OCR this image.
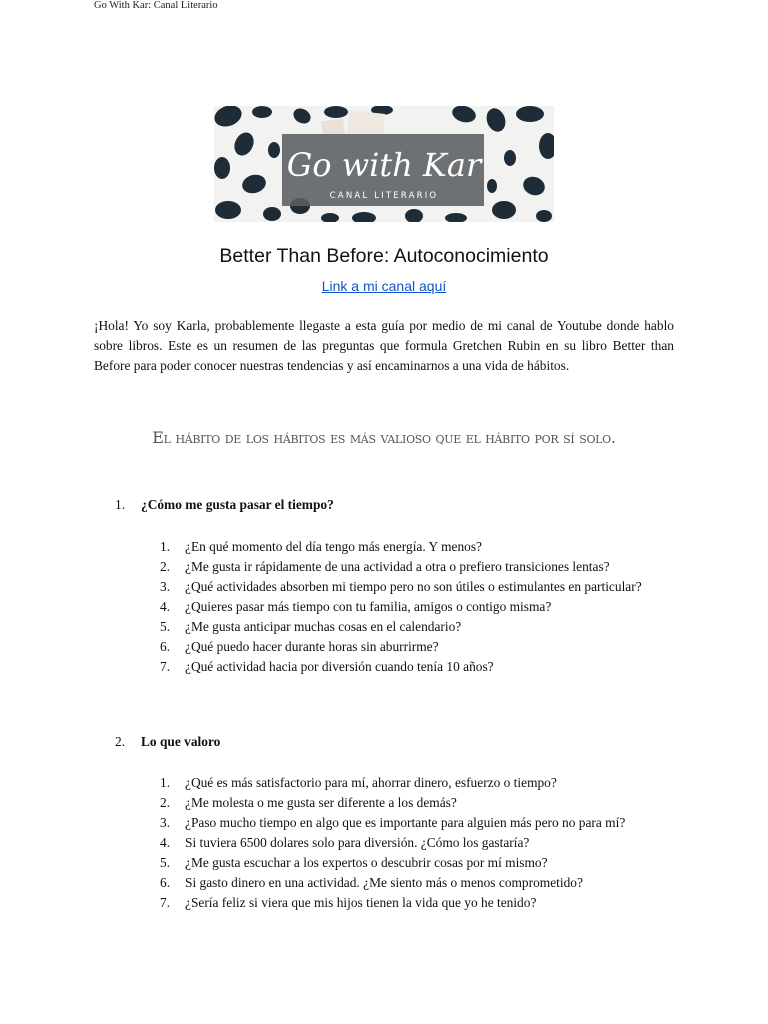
Go With Kar: Canal Literario
Go with Kar
CANAL LITERARIO
Better Than Before: Autoconocimiento
Link a mi canal aquí
¡Hola! Yo soy Karla, probablemente llegaste a esta guía por medio de mi canal de Youtube donde hablo sobre libros. Este es un resumen de las preguntas que formula Gretchen Rubin en su libro Better than Before para poder conocer nuestras tendencias y así encaminarnos a una vida de hábitos.
El hábito de los hábitos es más valioso que el hábito por sí solo.
1. ¿Cómo me gusta pasar el tiempo?
1. ¿En qué momento del día tengo más energía. Y menos?
2. ¿Me gusta ir rápidamente de una actividad a otra o prefiero transiciones lentas?
3. ¿Qué actividades absorben mi tiempo pero no son útiles o estimulantes en particular?
4. ¿Quieres pasar más tiempo con tu familia, amigos o contigo misma?
5. ¿Me gusta anticipar muchas cosas en el calendario?
6. ¿Qué puedo hacer durante horas sin aburrirme?
7. ¿Qué actividad hacia por diversión cuando tenía 10 años?
2. Lo que valoro
1. ¿Qué es más satisfactorio para mí, ahorrar dinero, esfuerzo o tiempo?
2. ¿Me molesta o me gusta ser diferente a los demás?
3. ¿Paso mucho tiempo en algo que es importante para alguien más pero no para mí?
4. Si tuviera 6500 dolares solo para diversión. ¿Cómo los gastaría?
5. ¿Me gusta escuchar a los expertos o descubrir cosas por mí mismo?
6. Si gasto dinero en una actividad. ¿Me siento más o menos comprometido?
7. ¿Sería feliz si viera que mis hijos tienen la vida que yo he tenido?
